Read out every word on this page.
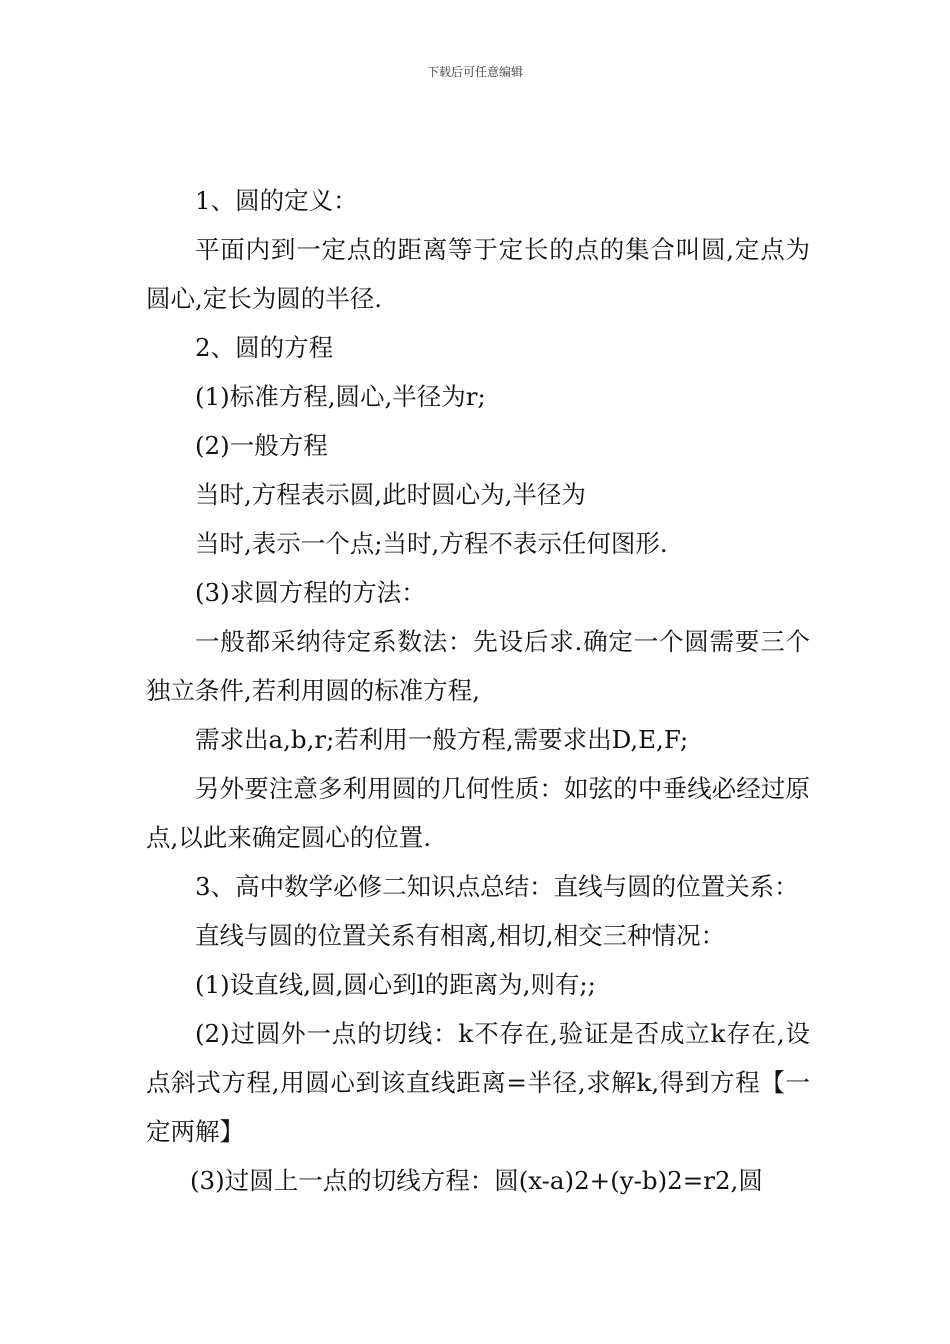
下载后可任意编辑

1、圆的定义：

平面内到一定点的距离等于定长的点的集合叫圆,定点为圆心,定长为圆的半径.

2、圆的方程

(1)标准方程,圆心,半径为r;

(2)一般方程

当时,方程表示圆,此时圆心为,半径为

当时,表示一个点;当时,方程不表示任何图形.

(3)求圆方程的方法：

一般都采纳待定系数法：先设后求.确定一个圆需要三个独立条件,若利用圆的标准方程,

需求出a,b,r;若利用一般方程,需要求出D,E,F;

另外要注意多利用圆的几何性质：如弦的中垂线必经过原点,以此来确定圆心的位置.

3、高中数学必修二知识点总结：直线与圆的位置关系：

直线与圆的位置关系有相离,相切,相交三种情况：

(1)设直线,圆,圆心到l的距离为,则有;;

(2)过圆外一点的切线：k不存在,验证是否成立k存在,设点斜式方程,用圆心到该直线距离=半径,求解k,得到方程【一定两解】

(3)过圆上一点的切线方程：圆(x-a)2+(y-b)2=r2,圆
